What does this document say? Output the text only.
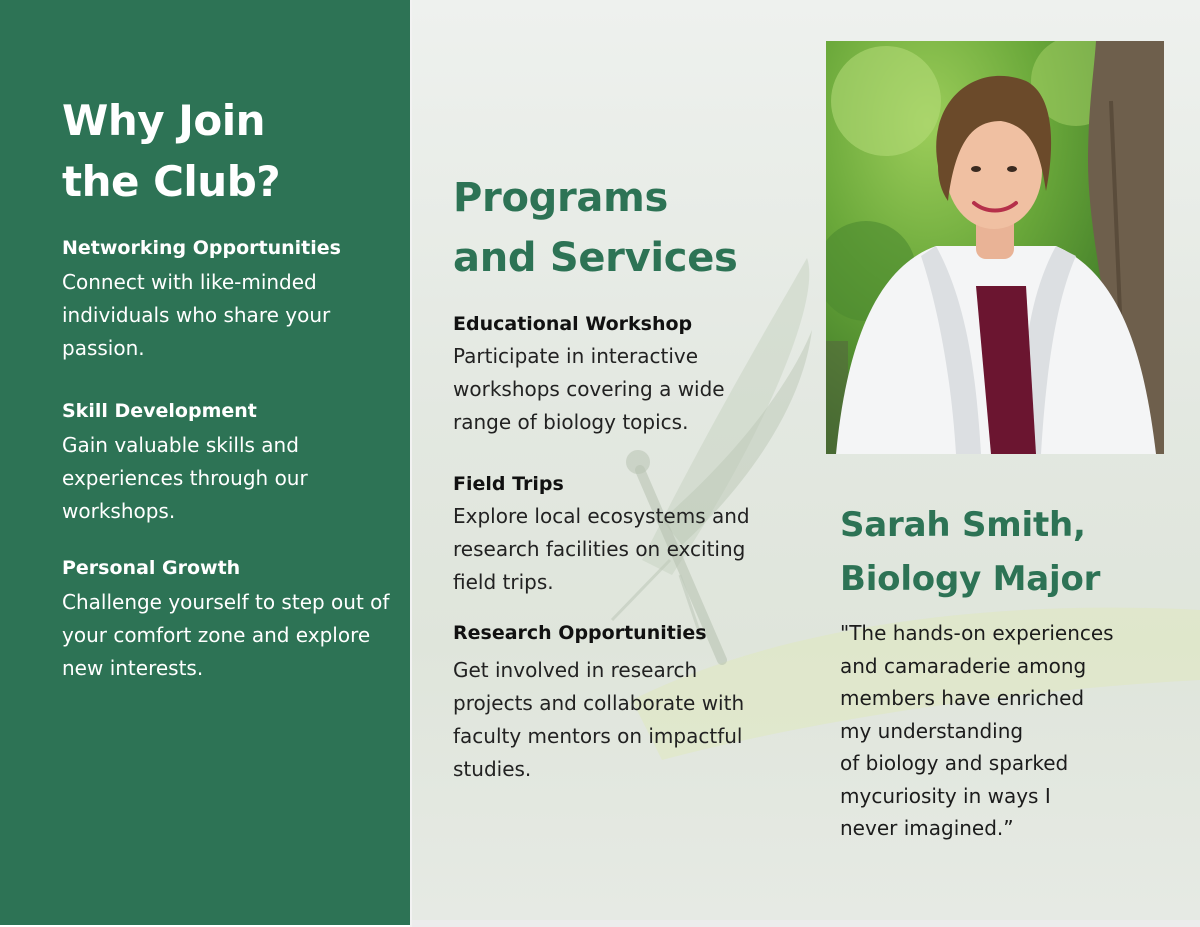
Why Join
the Club?
Networking Opportunities
Connect with like-minded individuals who share your passion.
Skill Development
Gain valuable skills and experiences through our workshops.
Personal Growth
Challenge yourself to step out of your comfort zone and explore new interests.
Programs
and Services
Educational Workshop
Participate in interactive workshops covering a wide range of biology topics.
Field Trips
Explore local ecosystems and research facilities on exciting field trips.
Research Opportunities
Get involved in research projects and collaborate with faculty mentors on impactful studies.
Sarah Smith,
Biology Major
"The hands-on experiences
and camaraderie among
members have enriched
my understanding
of biology and sparked
mycuriosity in ways I
never imagined.”
